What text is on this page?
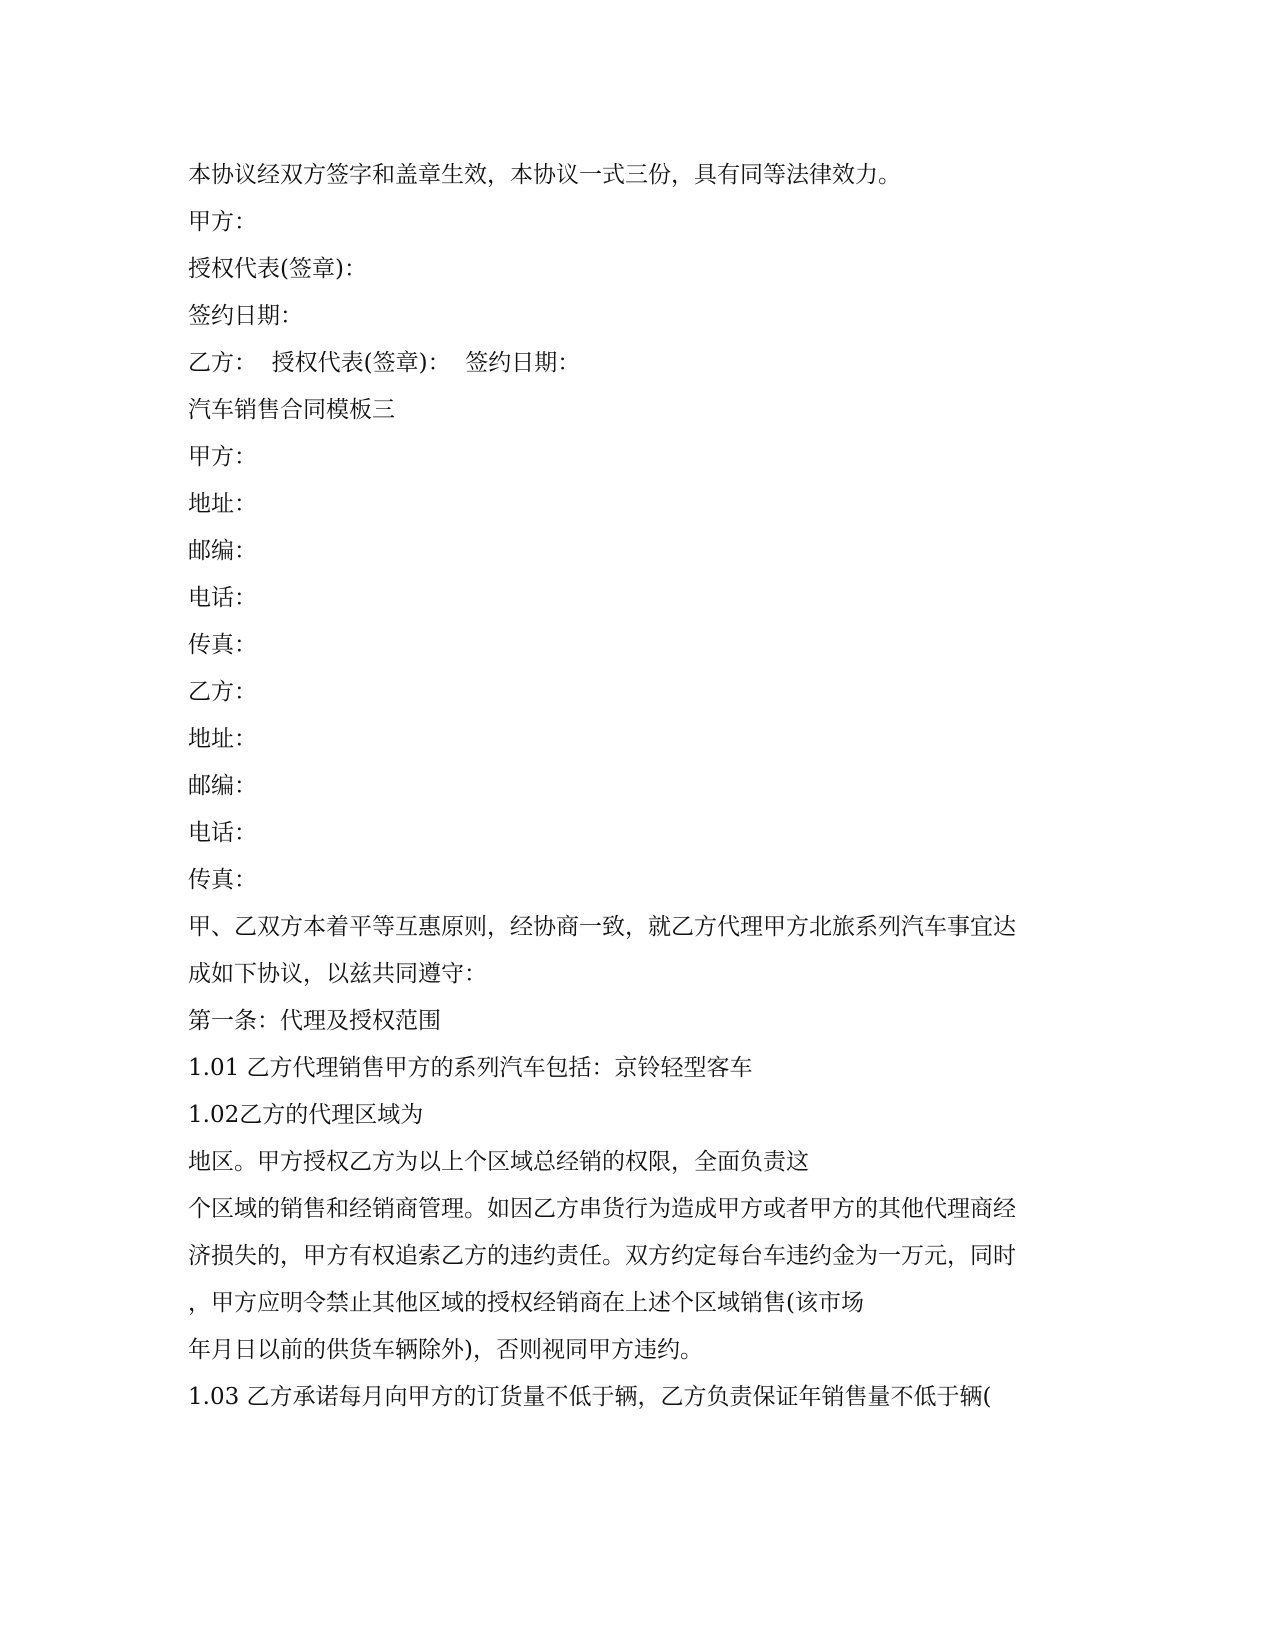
本协议经双方签字和盖章生效，本协议一式三份，具有同等法律效力。
甲方：
授权代表(签章)：
签约日期：
乙方：  授权代表(签章)：  签约日期：
汽车销售合同模板三
甲方：
地址：
邮编：
电话：
传真：
乙方：
地址：
邮编：
电话：
传真：
甲、乙双方本着平等互惠原则，经协商一致，就乙方代理甲方北旅系列汽车事宜达
成如下协议，以兹共同遵守：
第一条：代理及授权范围
1.01 乙方代理销售甲方的系列汽车包括：京铃轻型客车
1.02乙方的代理区域为
地区。甲方授权乙方为以上个区域总经销的权限，全面负责这
个区域的销售和经销商管理。如因乙方串货行为造成甲方或者甲方的其他代理商经
济损失的，甲方有权追索乙方的违约责任。双方约定每台车违约金为一万元，同时
，甲方应明令禁止其他区域的授权经销商在上述个区域销售(该市场
年月日以前的供货车辆除外)，否则视同甲方违约。
1.03 乙方承诺每月向甲方的订货量不低于辆，乙方负责保证年销售量不低于辆(
